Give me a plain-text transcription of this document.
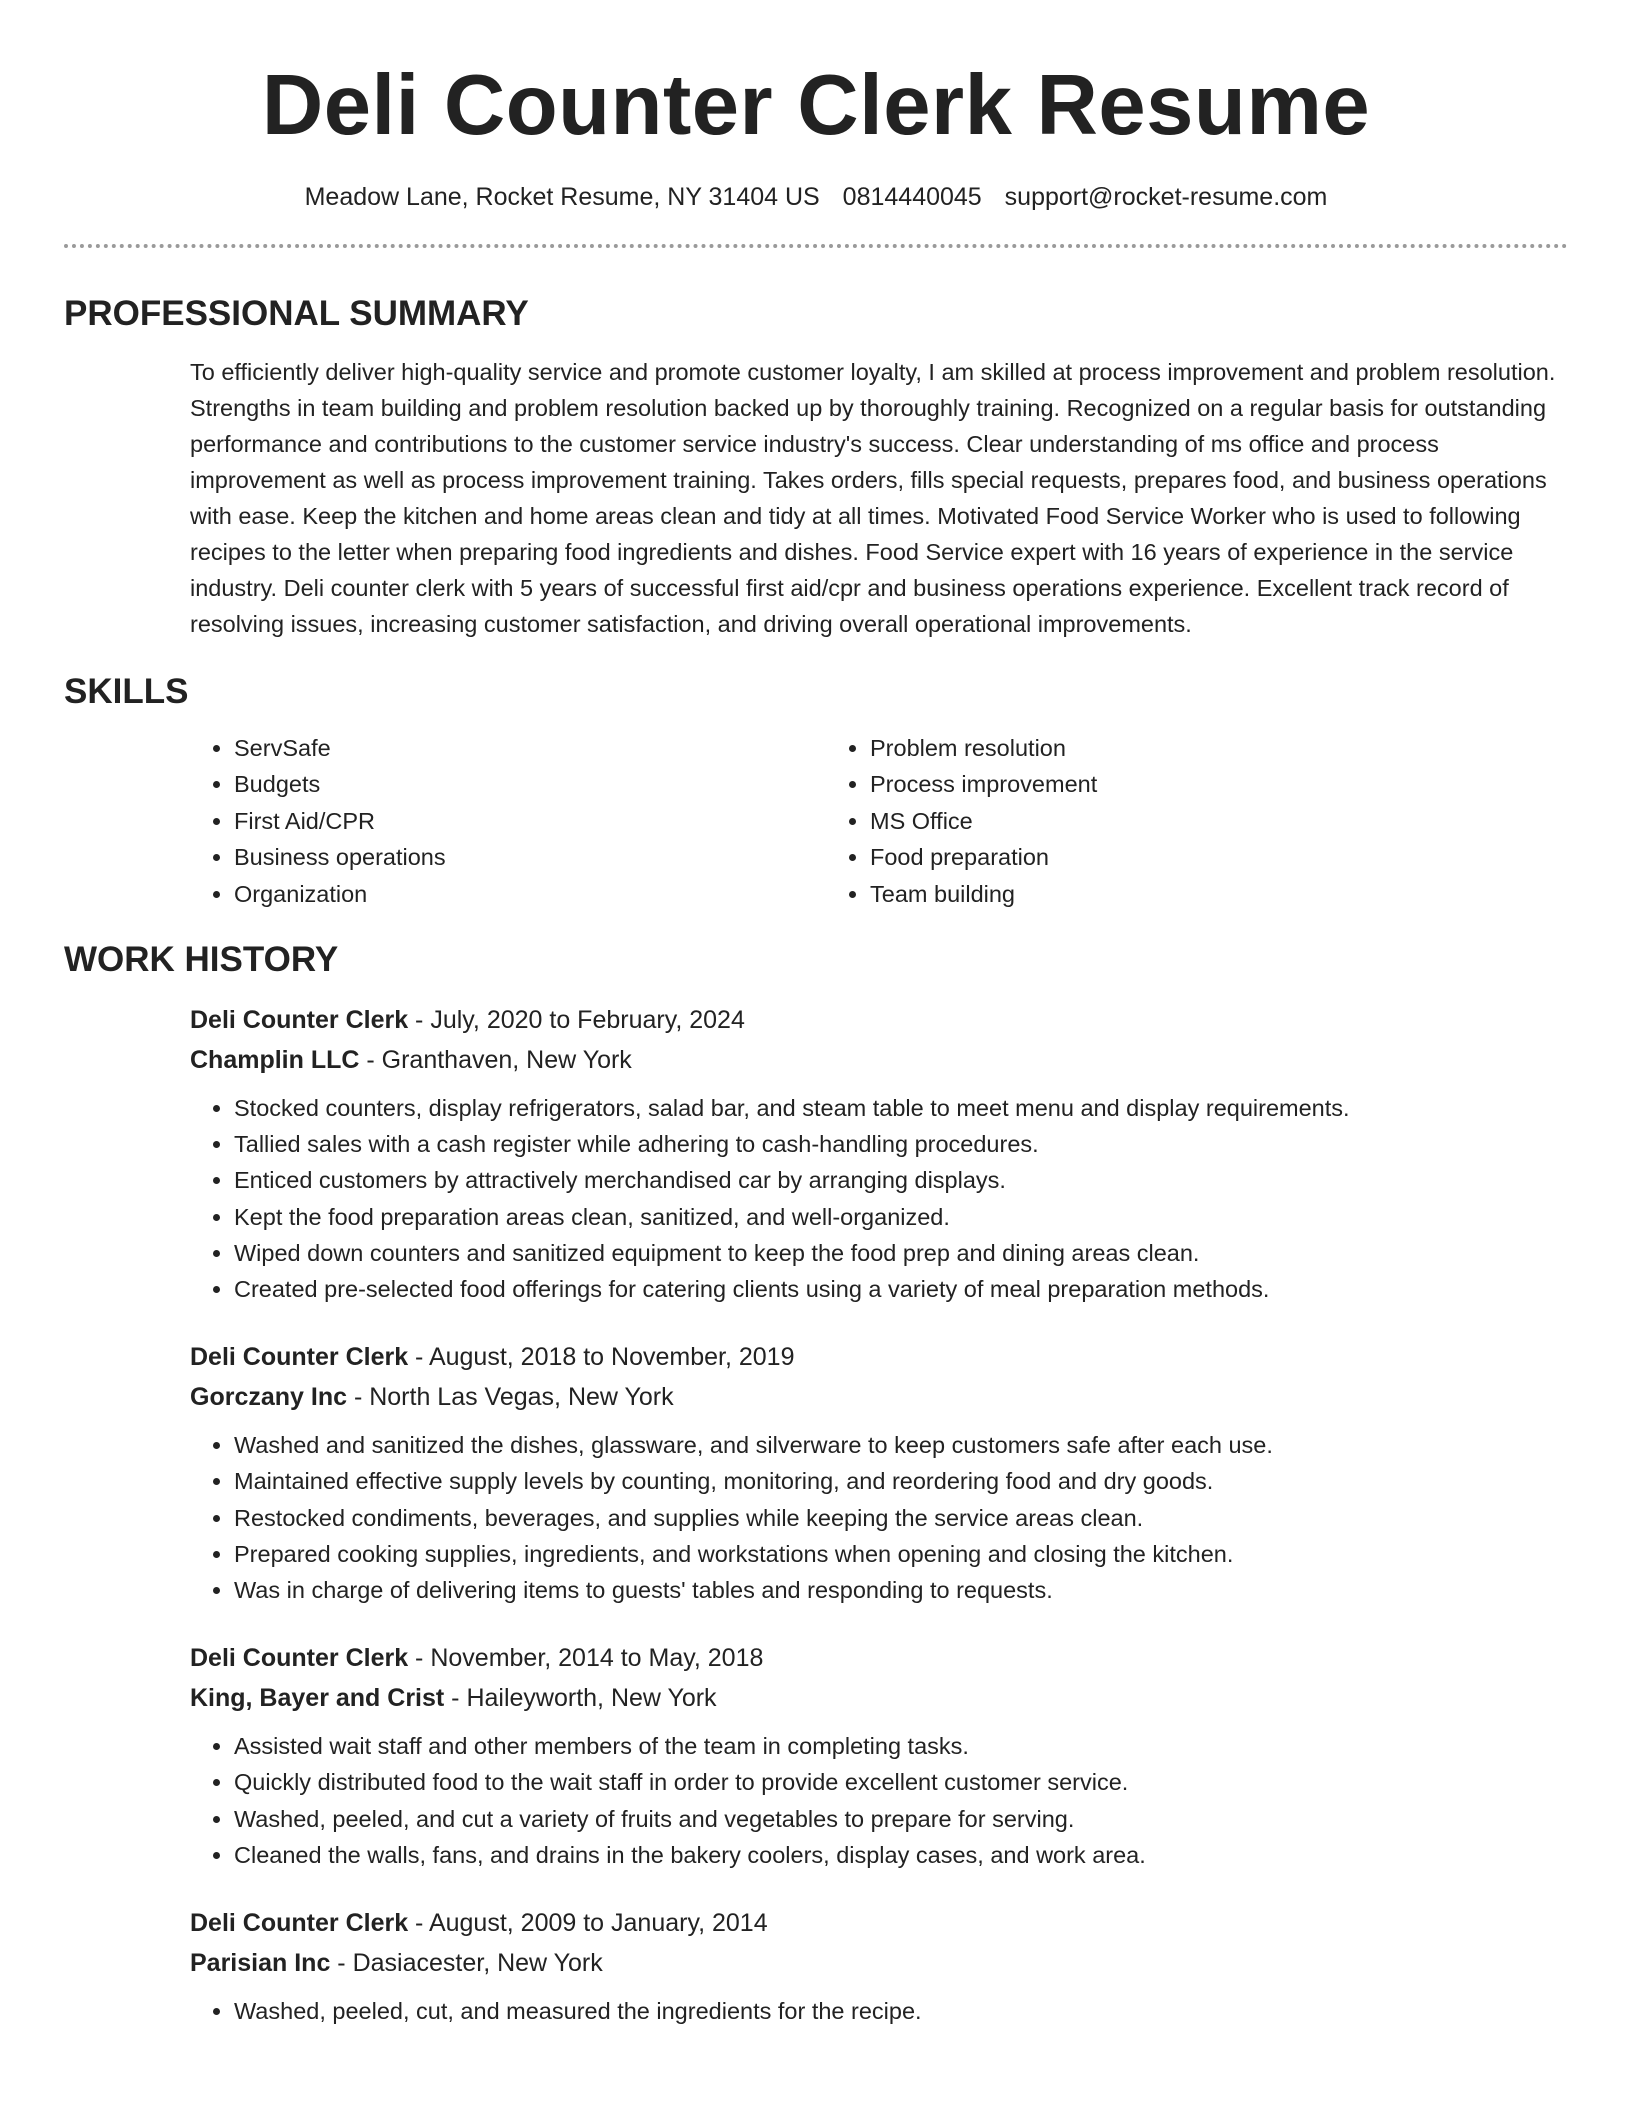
Deli Counter Clerk Resume
Meadow Lane, Rocket Resume, NY 31404 US 0814440045 support@rocket-resume.com
PROFESSIONAL SUMMARY

To efficiently deliver high-quality service and promote customer loyalty, I am skilled at process improvement and problem resolution. Strengths in team building and problem resolution backed up by thoroughly training. Recognized on a regular basis for outstanding performance and contributions to the customer service industry's success. Clear understanding of ms office and process improvement as well as process improvement training. Takes orders, fills special requests, prepares food, and business operations with ease. Keep the kitchen and home areas clean and tidy at all times. Motivated Food Service Worker who is used to following recipes to the letter when preparing food ingredients and dishes. Food Service expert with 16 years of experience in the service industry. Deli counter clerk with 5 years of successful first aid/cpr and business operations experience. Excellent track record of resolving issues, increasing customer satisfaction, and driving overall operational improvements.

SKILLS
• ServSafe
• Budgets
• First Aid/CPR
• Business operations
• Organization
• Problem resolution
• Process improvement
• MS Office
• Food preparation
• Team building
WORK HISTORY
Deli Counter Clerk - July, 2020 to February, 2024
Champlin LLC - Granthaven, New York
• Stocked counters, display refrigerators, salad bar, and steam table to meet menu and display requirements.
• Tallied sales with a cash register while adhering to cash-handling procedures.
• Enticed customers by attractively merchandised car by arranging displays.
• Kept the food preparation areas clean, sanitized, and well-organized.
• Wiped down counters and sanitized equipment to keep the food prep and dining areas clean.
• Created pre-selected food offerings for catering clients using a variety of meal preparation methods.
Deli Counter Clerk - August, 2018 to November, 2019
Gorczany Inc - North Las Vegas, New York
• Washed and sanitized the dishes, glassware, and silverware to keep customers safe after each use.
• Maintained effective supply levels by counting, monitoring, and reordering food and dry goods.
• Restocked condiments, beverages, and supplies while keeping the service areas clean.
• Prepared cooking supplies, ingredients, and workstations when opening and closing the kitchen.
• Was in charge of delivering items to guests' tables and responding to requests.
Deli Counter Clerk - November, 2014 to May, 2018
King, Bayer and Crist - Haileyworth, New York
• Assisted wait staff and other members of the team in completing tasks.
• Quickly distributed food to the wait staff in order to provide excellent customer service.
• Washed, peeled, and cut a variety of fruits and vegetables to prepare for serving.
• Cleaned the walls, fans, and drains in the bakery coolers, display cases, and work area.
Deli Counter Clerk - August, 2009 to January, 2014
Parisian Inc - Dasiacester, New York
• Washed, peeled, cut, and measured the ingredients for the recipe.
